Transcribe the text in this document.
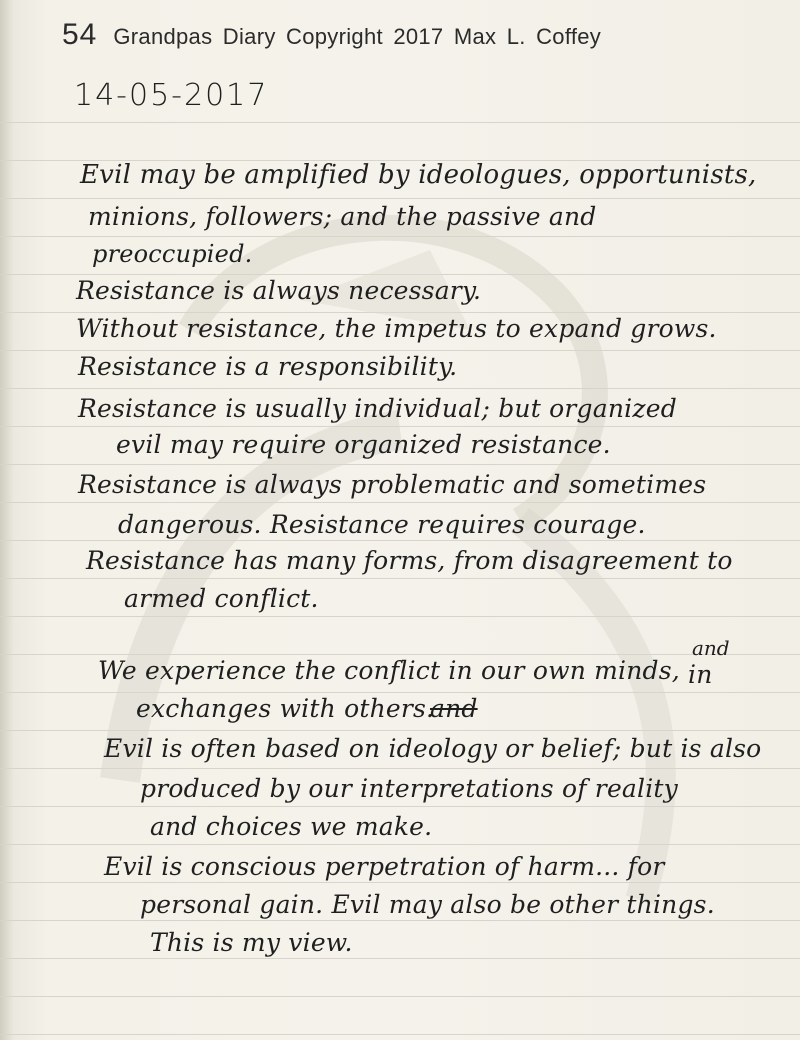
54 Grandpas Diary Copyright 2017 Max L. Coffey
14-05-2017
Evil may be amplified by ideologues, opportunists,
minions, followers; and the passive and
preoccupied.
Resistance is always necessary.
Without resistance, the impetus to expand grows.
Resistance is a responsibility.
Resistance is usually individual; but organized
evil may require organized resistance.
Resistance is always problematic and sometimes
dangerous. Resistance requires courage.
Resistance has many forms, from disagreement to
armed conflict.
and
We experience the conflict in our own minds, in
exchanges with others.
and
Evil is often based on ideology or belief; but is also
produced by our interpretations of reality
and choices we make.
Evil is conscious perpetration of harm... for
personal gain. Evil may also be other things.
This is my view.
